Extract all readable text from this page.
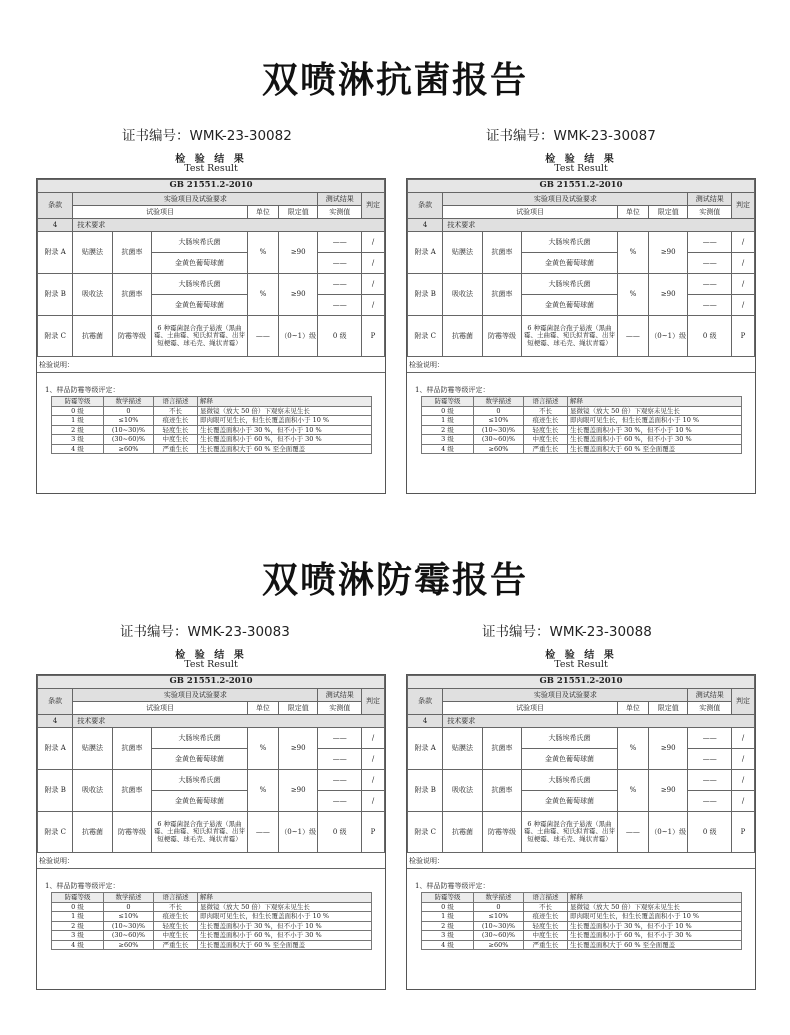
双喷淋抗菌报告
双喷淋防霉报告
证书编号：WMK-23-30082
检 验 结 果
Test Result
GB 21551.2-2010							
条款	实验项目及试验要求					测试结果	判定
	试验项目			单位	限定值	实测值	
4	技术要求						
附录 A	贴膜法	抗菌率	大肠埃希氏菌	%	≥90	——	/
			金黄色葡萄球菌			——	/
附录 B	吸收法	抗菌率	大肠埃希氏菌	%	≥90	——	/
			金黄色葡萄球菌			——	/
附录 C	抗霉菌	防霉等级	6 种霉菌混合孢子悬液（黑曲霉、土曲霉、宛氏拟青霉、出芽短梗霉、球毛壳、绳状青霉）	——	（0~1）级	0 级	P
检验说明：
1、样品防霉等级评定：
防霉等级	数学描述	语言描述	解释
0 级	0	不长	显微镜（放大 50 倍）下观察未见生长
1 级	≤10%	痕迹生长	即肉眼可见生长，但生长覆盖面积小于 10 %
2 级	(10~30)%	轻度生长	生长覆盖面积小于 30 %，但不小于 10 %
3 级	(30~60)%	中度生长	生长覆盖面积小于 60 %，但不小于 30 %
4 级	≥60%	严重生长	生长覆盖面积大于 60 % 至全面覆盖
证书编号：WMK-23-30087
检 验 结 果
Test Result
GB 21551.2-2010							
条款	实验项目及试验要求					测试结果	判定
	试验项目			单位	限定值	实测值	
4	技术要求						
附录 A	贴膜法	抗菌率	大肠埃希氏菌	%	≥90	——	/
			金黄色葡萄球菌			——	/
附录 B	吸收法	抗菌率	大肠埃希氏菌	%	≥90	——	/
			金黄色葡萄球菌			——	/
附录 C	抗霉菌	防霉等级	6 种霉菌混合孢子悬液（黑曲霉、土曲霉、宛氏拟青霉、出芽短梗霉、球毛壳、绳状青霉）	——	（0~1）级	0 级	P
检验说明：
1、样品防霉等级评定：
防霉等级	数学描述	语言描述	解释
0 级	0	不长	显微镜（放大 50 倍）下观察未见生长
1 级	≤10%	痕迹生长	即肉眼可见生长，但生长覆盖面积小于 10 %
2 级	(10~30)%	轻度生长	生长覆盖面积小于 30 %，但不小于 10 %
3 级	(30~60)%	中度生长	生长覆盖面积小于 60 %，但不小于 30 %
4 级	≥60%	严重生长	生长覆盖面积大于 60 % 至全面覆盖
证书编号：WMK-23-30083
检 验 结 果
Test Result
GB 21551.2-2010							
条款	实验项目及试验要求					测试结果	判定
	试验项目			单位	限定值	实测值	
4	技术要求						
附录 A	贴膜法	抗菌率	大肠埃希氏菌	%	≥90	——	/
			金黄色葡萄球菌			——	/
附录 B	吸收法	抗菌率	大肠埃希氏菌	%	≥90	——	/
			金黄色葡萄球菌			——	/
附录 C	抗霉菌	防霉等级	6 种霉菌混合孢子悬液（黑曲霉、土曲霉、宛氏拟青霉、出芽短梗霉、球毛壳、绳状青霉）	——	（0~1）级	0 级	P
检验说明：
1、样品防霉等级评定：
防霉等级	数学描述	语言描述	解释
0 级	0	不长	显微镜（放大 50 倍）下观察未见生长
1 级	≤10%	痕迹生长	即肉眼可见生长，但生长覆盖面积小于 10 %
2 级	(10~30)%	轻度生长	生长覆盖面积小于 30 %，但不小于 10 %
3 级	(30~60)%	中度生长	生长覆盖面积小于 60 %，但不小于 30 %
4 级	≥60%	严重生长	生长覆盖面积大于 60 % 至全面覆盖
证书编号：WMK-23-30088
检 验 结 果
Test Result
GB 21551.2-2010							
条款	实验项目及试验要求					测试结果	判定
	试验项目			单位	限定值	实测值	
4	技术要求						
附录 A	贴膜法	抗菌率	大肠埃希氏菌	%	≥90	——	/
			金黄色葡萄球菌			——	/
附录 B	吸收法	抗菌率	大肠埃希氏菌	%	≥90	——	/
			金黄色葡萄球菌			——	/
附录 C	抗霉菌	防霉等级	6 种霉菌混合孢子悬液（黑曲霉、土曲霉、宛氏拟青霉、出芽短梗霉、球毛壳、绳状青霉）	——	（0~1）级	0 级	P
检验说明：
1、样品防霉等级评定：
防霉等级	数学描述	语言描述	解释
0 级	0	不长	显微镜（放大 50 倍）下观察未见生长
1 级	≤10%	痕迹生长	即肉眼可见生长，但生长覆盖面积小于 10 %
2 级	(10~30)%	轻度生长	生长覆盖面积小于 30 %，但不小于 10 %
3 级	(30~60)%	中度生长	生长覆盖面积小于 60 %，但不小于 30 %
4 级	≥60%	严重生长	生长覆盖面积大于 60 % 至全面覆盖
